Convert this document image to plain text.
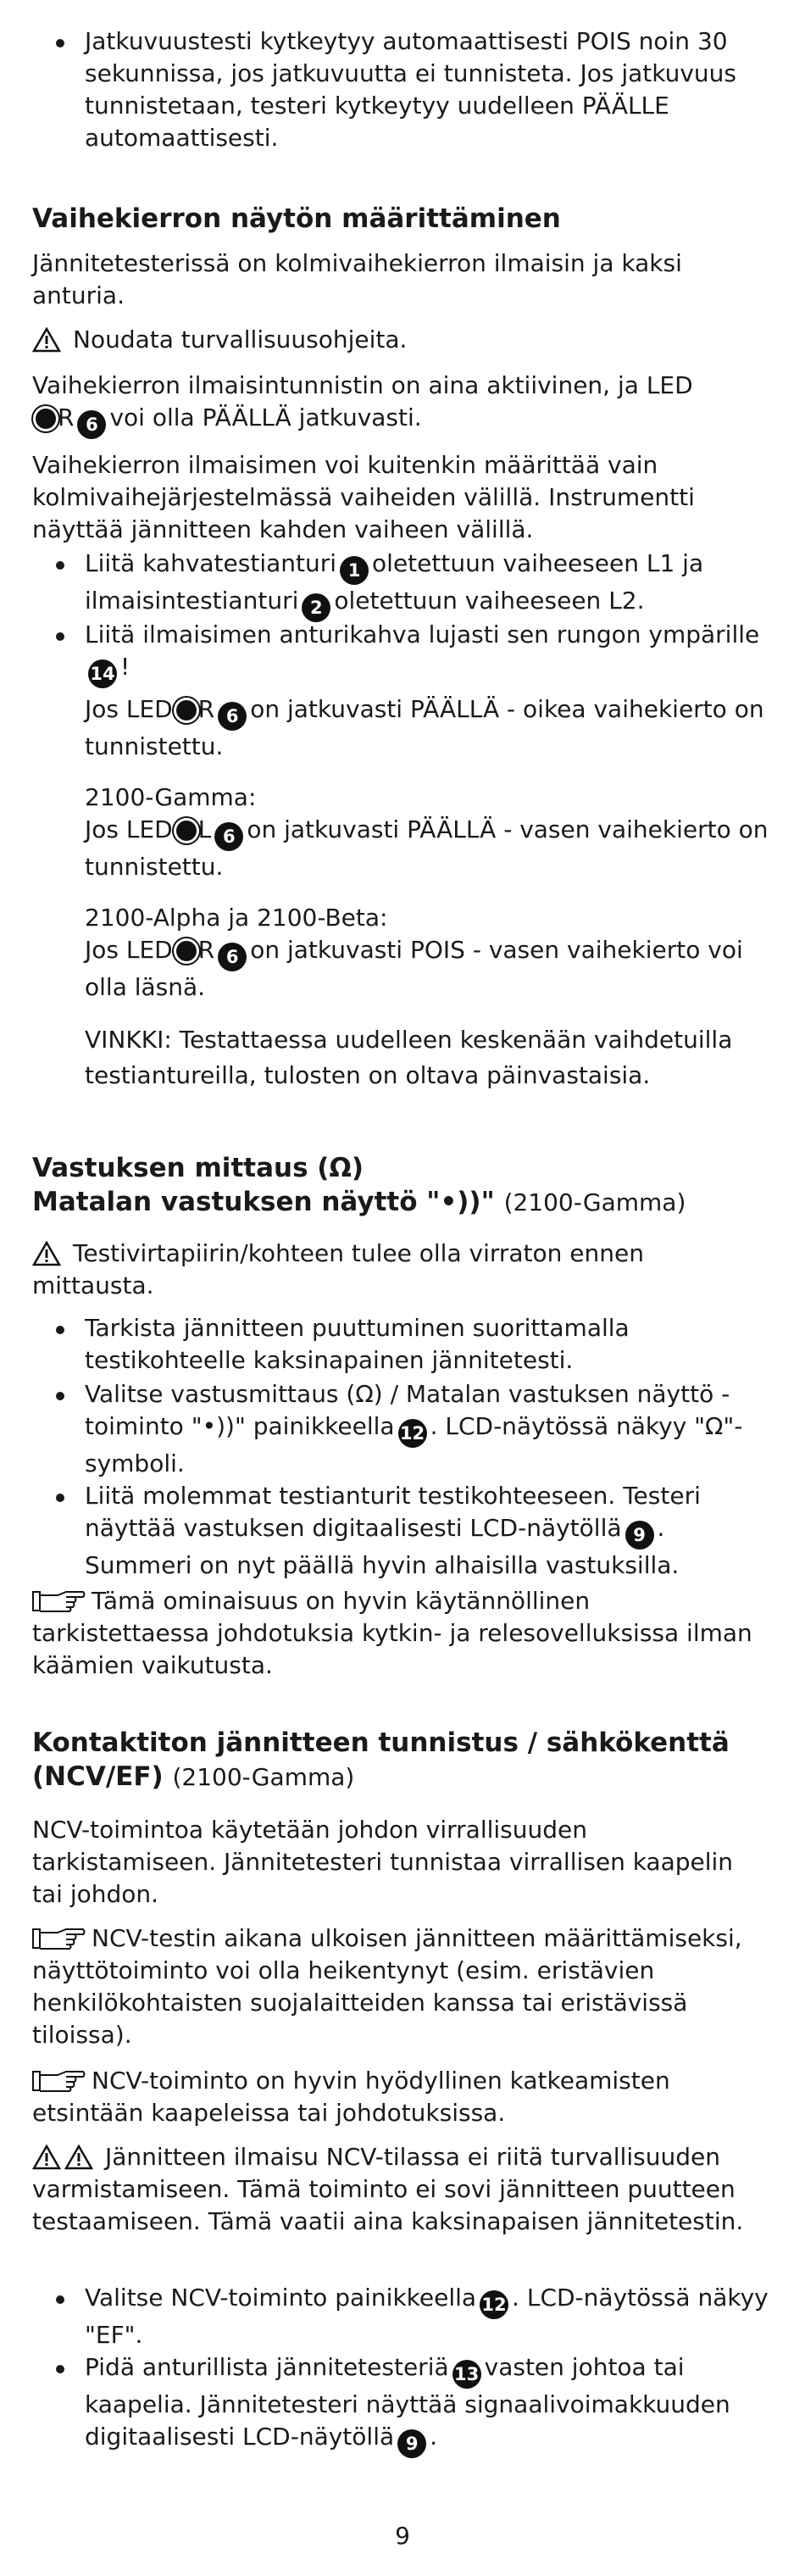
Jatkuvuustesti kytkeytyy automaattisesti POIS noin 30 sekunnissa, jos jatkuvuutta ei tunnisteta. Jos jatkuvuus tunnistetaan, testeri kytkeytyy uudelleen PÄÄLLE automaattisesti.
Vaihekierron näytön määrittäminen
Jännitetesterissä on kolmivaihekierron ilmaisin ja kaksi anturia.
Noudata turvallisuusohjeita.
Vaihekierron ilmaisintunnistin on aina aktiivinen, ja LED
R 6 voi olla PÄÄLLÄ jatkuvasti.
Vaihekierron ilmaisimen voi kuitenkin määrittää vain kolmivaihejärjestelmässä vaiheiden välillä. Instrumentti näyttää jännitteen kahden vaiheen välillä.
Liitä kahvatestianturi 1 oletettuun vaiheeseen L1 ja ilmaisintestianturi 2 oletettuun vaiheeseen L2.
Liitä ilmaisimen anturikahva lujasti sen rungon ympärille14 !
Jos LED R 6 on jatkuvasti PÄÄLLÄ - oikea vaihekierto on tunnistettu.
2100-Gamma:
Jos LED L 6 on jatkuvasti PÄÄLLÄ - vasen vaihekierto on tunnistettu.
2100-Alpha ja 2100-Beta:
Jos LED R 6 on jatkuvasti POIS - vasen vaihekierto voi olla läsnä.
VINKKI: Testattaessa uudelleen keskenään vaihdetuilla testiantureilla, tulosten on oltava päinvastaisia.
Vastuksen mittaus (Ω)
Matalan vastuksen näyttö "•))" (2100-Gamma)
Testivirtapiirin/kohteen tulee olla virraton ennen mittausta.
Tarkista jännitteen puuttuminen suorittamalla testikohteelle kaksinapainen jännitetesti.
Valitse vastusmittaus (Ω) / Matalan vastuksen näyttö -toiminto "•))" painikkeella 12 . LCD-näytössä näkyy "Ω"-symboli.
Liitä molemmat testianturit testikohteeseen. Testeri näyttää vastuksen digitaalisesti LCD-näytöllä 9 . Summeri on nyt päällä hyvin alhaisilla vastuksilla.
Tämä ominaisuus on hyvin käytännöllinen tarkistettaessa johdotuksia kytkin- ja relesovelluksissa ilman käämien vaikutusta.
Kontaktiton jännitteen tunnistus / sähkökenttä
(NCV/EF) (2100-Gamma)
NCV-toimintoa käytetään johdon virrallisuuden tarkistamiseen. Jännitetesteri tunnistaa virrallisen kaapelin tai johdon.
NCV-testin aikana ulkoisen jännitteen määrittämiseksi, näyttötoiminto voi olla heikentynyt (esim. eristävien henkilökohtaisten suojalaitteiden kanssa tai eristävissä tiloissa).
NCV-toiminto on hyvin hyödyllinen katkeamisten etsintään kaapeleissa tai johdotuksissa.
Jännitteen ilmaisu NCV-tilassa ei riitä turvallisuuden varmistamiseen. Tämä toiminto ei sovi jännitteen puutteen testaamiseen. Tämä vaatii aina kaksinapaisen jännitetestin.
Valitse NCV-toiminto painikkeella 12 . LCD-näytössä näkyy "EF".
Pidä anturillista jännitetesteriä 13 vasten johtoa tai kaapelia. Jännitetesteri näyttää signaalivoimakkuuden digitaalisesti LCD-näytöllä 9 .
9
